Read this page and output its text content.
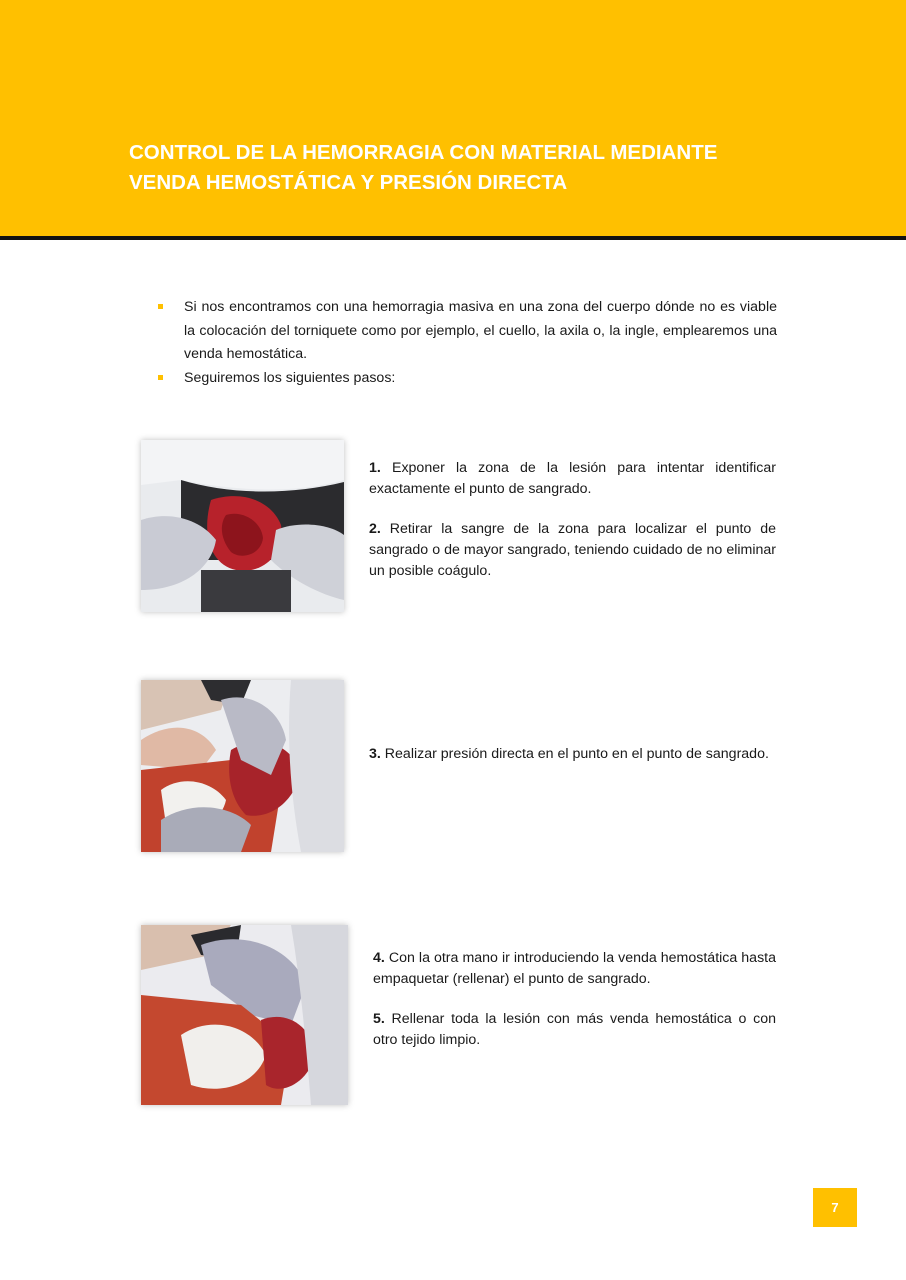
CONTROL DE LA HEMORRAGIA CON MATERIAL MEDIANTE
VENDA HEMOSTÁTICA Y PRESIÓN DIRECTA
Si nos encontramos con una hemorragia masiva en una zona del cuerpo dónde no es viable la colocación del torniquete como por ejemplo, el cuello, la axila o, la ingle, emplearemos una venda hemostática.
Seguiremos los siguientes pasos:

1. Exponer la zona de la lesión para intentar identificar exactamente el punto de sangrado.

2. Retirar la sangre de la zona para localizar el punto de sangrado o de mayor sangrado, teniendo cuidado de no eliminar un posible coágulo.

3. Realizar presión directa en el punto en el punto de sangrado.

4. Con la otra mano ir introduciendo la venda hemostática hasta empaquetar (rellenar) el punto de sangrado.

5. Rellenar toda la lesión con más venda hemostática o con otro tejido limpio.

7
